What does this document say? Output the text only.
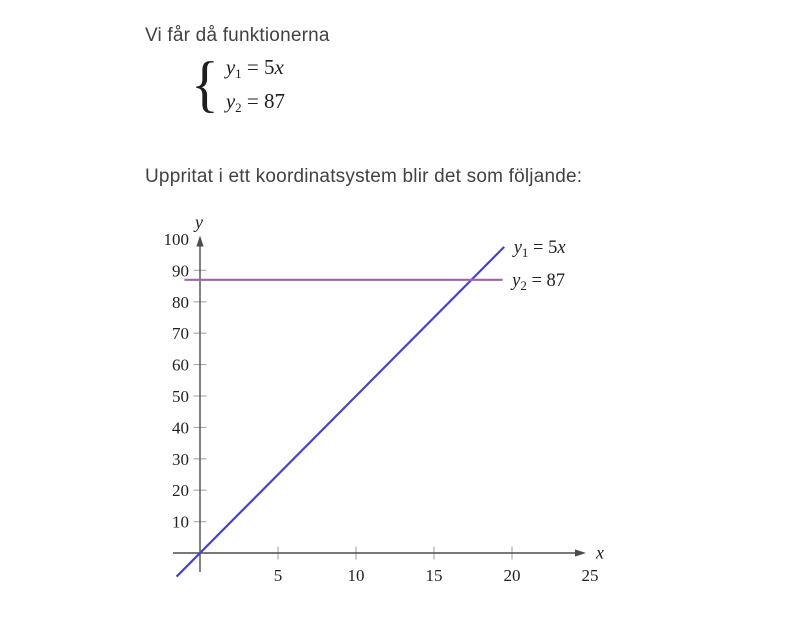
Vi får då funktionerna

{ $y_1 = 5x$
$y_2 = 87$

Uppritat i ett koordinatsystem blir det som följande:

5	10	15	20	25
10
20
30
40
50
60
70
80
90
100
x
y
$y_1 = 5x$
$y_2 = 87$
